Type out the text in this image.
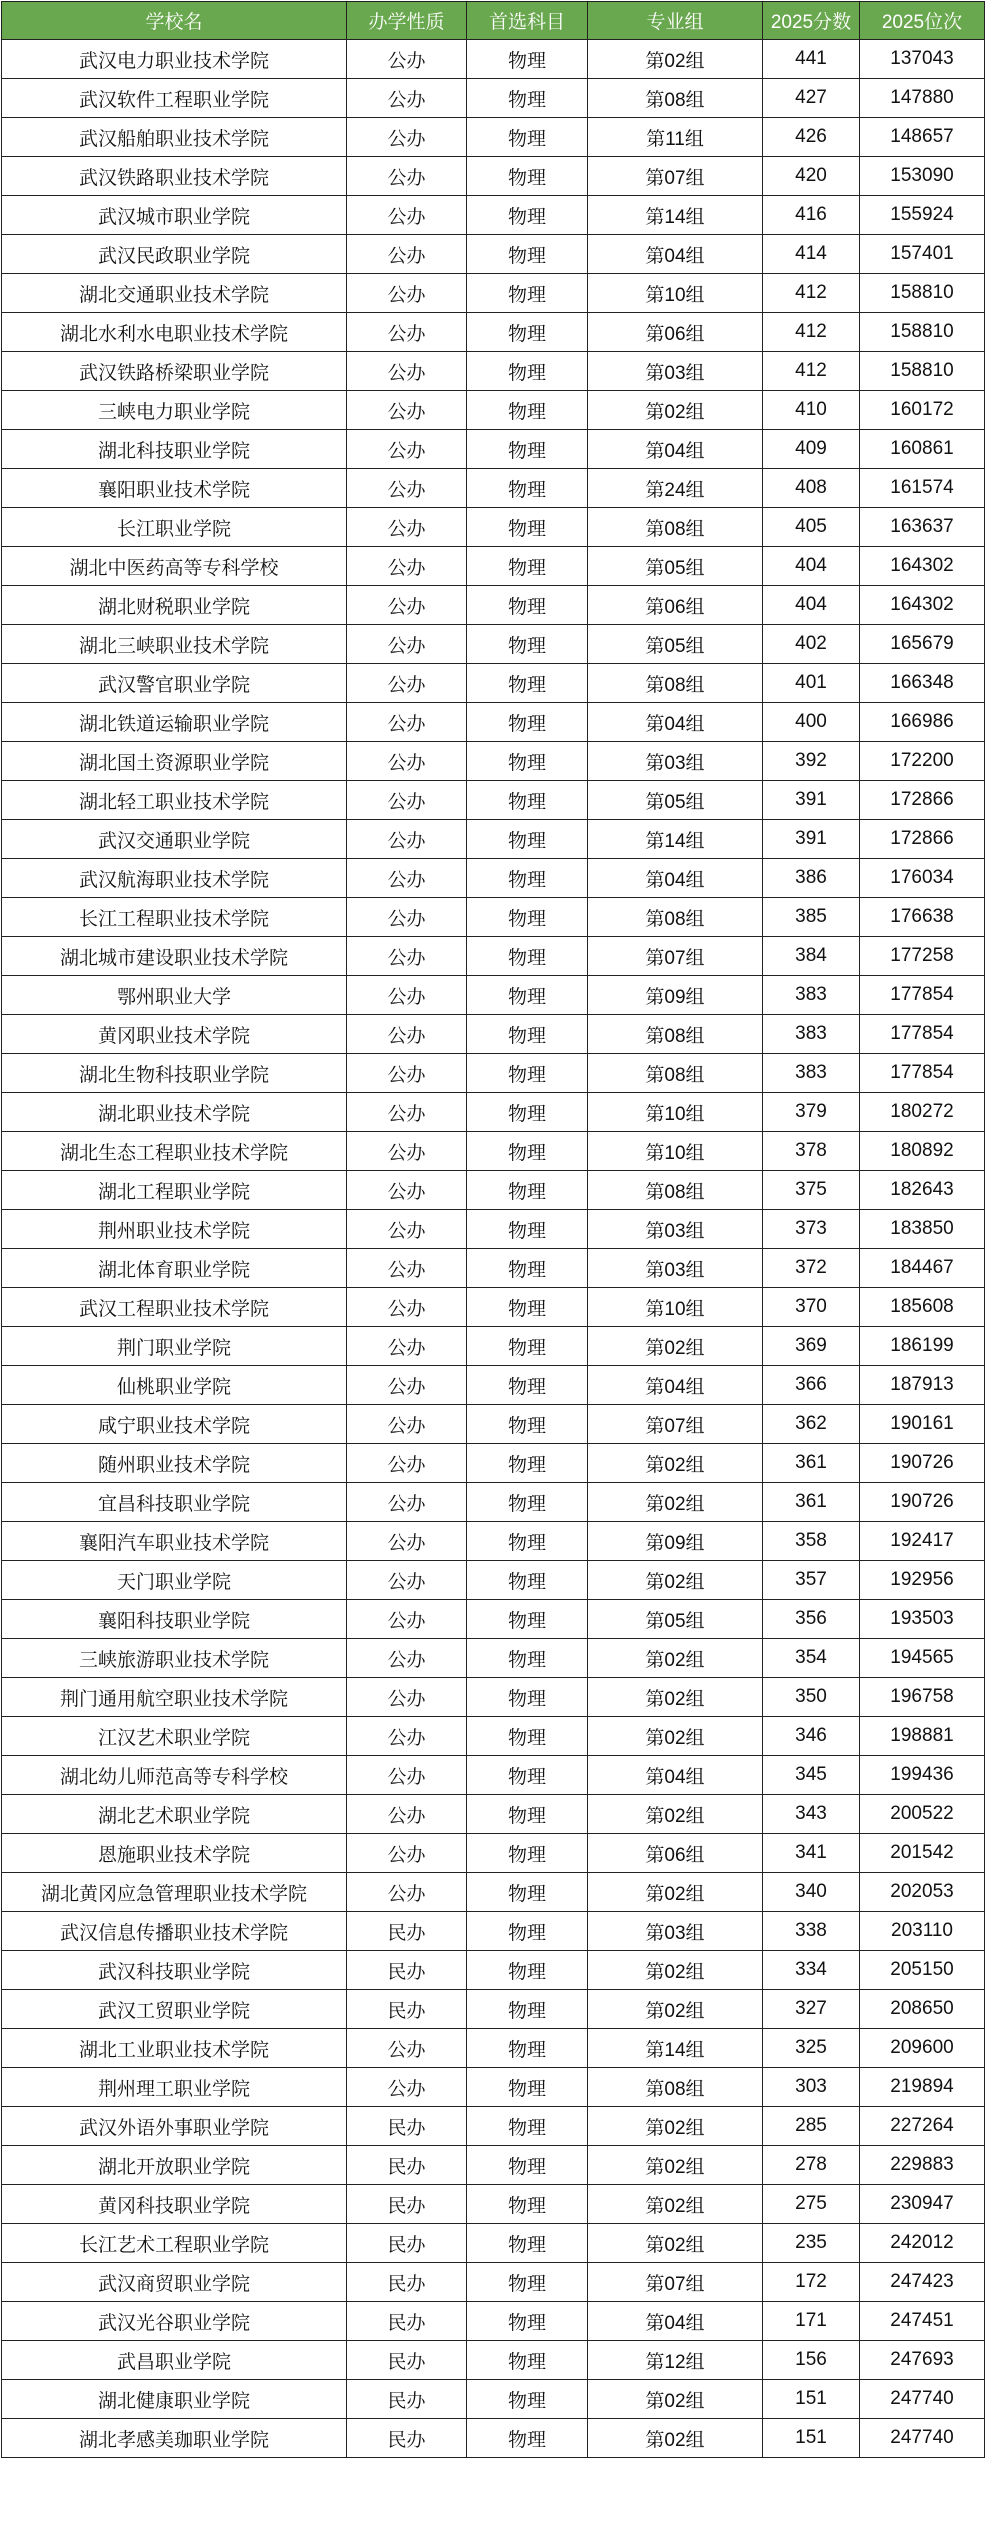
学校名	办学性质	首选科目	专业组	2025分数	2025位次
武汉电力职业技术学院	公办	物理	第02组	441	137043
武汉软件工程职业学院	公办	物理	第08组	427	147880
武汉船舶职业技术学院	公办	物理	第11组	426	148657
武汉铁路职业技术学院	公办	物理	第07组	420	153090
武汉城市职业学院	公办	物理	第14组	416	155924
武汉民政职业学院	公办	物理	第04组	414	157401
湖北交通职业技术学院	公办	物理	第10组	412	158810
湖北水利水电职业技术学院	公办	物理	第06组	412	158810
武汉铁路桥梁职业学院	公办	物理	第03组	412	158810
三峡电力职业学院	公办	物理	第02组	410	160172
湖北科技职业学院	公办	物理	第04组	409	160861
襄阳职业技术学院	公办	物理	第24组	408	161574
长江职业学院	公办	物理	第08组	405	163637
湖北中医药高等专科学校	公办	物理	第05组	404	164302
湖北财税职业学院	公办	物理	第06组	404	164302
湖北三峡职业技术学院	公办	物理	第05组	402	165679
武汉警官职业学院	公办	物理	第08组	401	166348
湖北铁道运输职业学院	公办	物理	第04组	400	166986
湖北国土资源职业学院	公办	物理	第03组	392	172200
湖北轻工职业技术学院	公办	物理	第05组	391	172866
武汉交通职业学院	公办	物理	第14组	391	172866
武汉航海职业技术学院	公办	物理	第04组	386	176034
长江工程职业技术学院	公办	物理	第08组	385	176638
湖北城市建设职业技术学院	公办	物理	第07组	384	177258
鄂州职业大学	公办	物理	第09组	383	177854
黄冈职业技术学院	公办	物理	第08组	383	177854
湖北生物科技职业学院	公办	物理	第08组	383	177854
湖北职业技术学院	公办	物理	第10组	379	180272
湖北生态工程职业技术学院	公办	物理	第10组	378	180892
湖北工程职业学院	公办	物理	第08组	375	182643
荆州职业技术学院	公办	物理	第03组	373	183850
湖北体育职业学院	公办	物理	第03组	372	184467
武汉工程职业技术学院	公办	物理	第10组	370	185608
荆门职业学院	公办	物理	第02组	369	186199
仙桃职业学院	公办	物理	第04组	366	187913
咸宁职业技术学院	公办	物理	第07组	362	190161
随州职业技术学院	公办	物理	第02组	361	190726
宜昌科技职业学院	公办	物理	第02组	361	190726
襄阳汽车职业技术学院	公办	物理	第09组	358	192417
天门职业学院	公办	物理	第02组	357	192956
襄阳科技职业学院	公办	物理	第05组	356	193503
三峡旅游职业技术学院	公办	物理	第02组	354	194565
荆门通用航空职业技术学院	公办	物理	第02组	350	196758
江汉艺术职业学院	公办	物理	第02组	346	198881
湖北幼儿师范高等专科学校	公办	物理	第04组	345	199436
湖北艺术职业学院	公办	物理	第02组	343	200522
恩施职业技术学院	公办	物理	第06组	341	201542
湖北黄冈应急管理职业技术学院	公办	物理	第02组	340	202053
武汉信息传播职业技术学院	民办	物理	第03组	338	203110
武汉科技职业学院	民办	物理	第02组	334	205150
武汉工贸职业学院	民办	物理	第02组	327	208650
湖北工业职业技术学院	公办	物理	第14组	325	209600
荆州理工职业学院	公办	物理	第08组	303	219894
武汉外语外事职业学院	民办	物理	第02组	285	227264
湖北开放职业学院	民办	物理	第02组	278	229883
黄冈科技职业学院	民办	物理	第02组	275	230947
长江艺术工程职业学院	民办	物理	第02组	235	242012
武汉商贸职业学院	民办	物理	第07组	172	247423
武汉光谷职业学院	民办	物理	第04组	171	247451
武昌职业学院	民办	物理	第12组	156	247693
湖北健康职业学院	民办	物理	第02组	151	247740
湖北孝感美珈职业学院	民办	物理	第02组	151	247740
